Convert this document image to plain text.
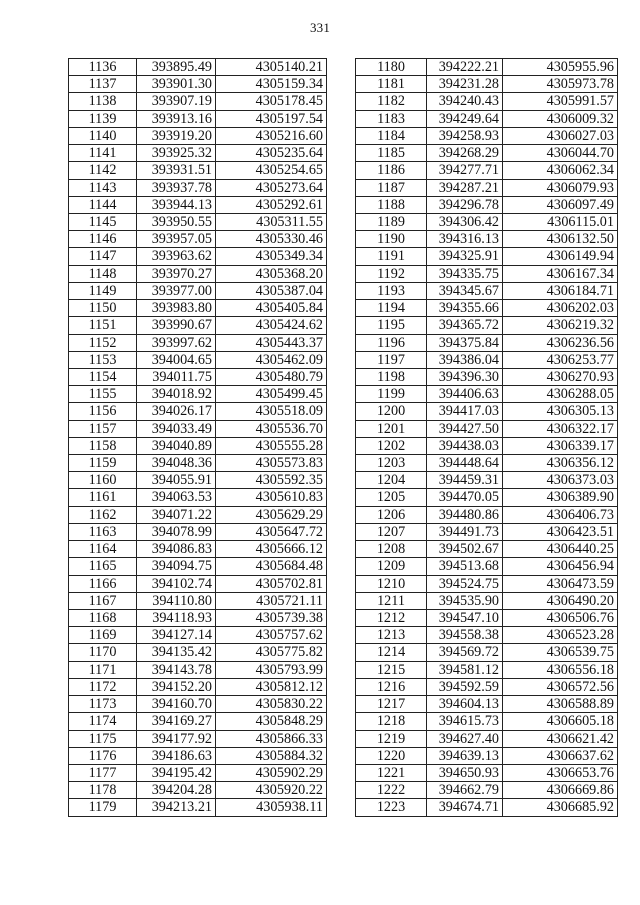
331
1136	393895.49	4305140.21
1137	393901.30	4305159.34
1138	393907.19	4305178.45
1139	393913.16	4305197.54
1140	393919.20	4305216.60
1141	393925.32	4305235.64
1142	393931.51	4305254.65
1143	393937.78	4305273.64
1144	393944.13	4305292.61
1145	393950.55	4305311.55
1146	393957.05	4305330.46
1147	393963.62	4305349.34
1148	393970.27	4305368.20
1149	393977.00	4305387.04
1150	393983.80	4305405.84
1151	393990.67	4305424.62
1152	393997.62	4305443.37
1153	394004.65	4305462.09
1154	394011.75	4305480.79
1155	394018.92	4305499.45
1156	394026.17	4305518.09
1157	394033.49	4305536.70
1158	394040.89	4305555.28
1159	394048.36	4305573.83
1160	394055.91	4305592.35
1161	394063.53	4305610.83
1162	394071.22	4305629.29
1163	394078.99	4305647.72
1164	394086.83	4305666.12
1165	394094.75	4305684.48
1166	394102.74	4305702.81
1167	394110.80	4305721.11
1168	394118.93	4305739.38
1169	394127.14	4305757.62
1170	394135.42	4305775.82
1171	394143.78	4305793.99
1172	394152.20	4305812.12
1173	394160.70	4305830.22
1174	394169.27	4305848.29
1175	394177.92	4305866.33
1176	394186.63	4305884.32
1177	394195.42	4305902.29
1178	394204.28	4305920.22
1179	394213.21	4305938.11
1180	394222.21	4305955.96
1181	394231.28	4305973.78
1182	394240.43	4305991.57
1183	394249.64	4306009.32
1184	394258.93	4306027.03
1185	394268.29	4306044.70
1186	394277.71	4306062.34
1187	394287.21	4306079.93
1188	394296.78	4306097.49
1189	394306.42	4306115.01
1190	394316.13	4306132.50
1191	394325.91	4306149.94
1192	394335.75	4306167.34
1193	394345.67	4306184.71
1194	394355.66	4306202.03
1195	394365.72	4306219.32
1196	394375.84	4306236.56
1197	394386.04	4306253.77
1198	394396.30	4306270.93
1199	394406.63	4306288.05
1200	394417.03	4306305.13
1201	394427.50	4306322.17
1202	394438.03	4306339.17
1203	394448.64	4306356.12
1204	394459.31	4306373.03
1205	394470.05	4306389.90
1206	394480.86	4306406.73
1207	394491.73	4306423.51
1208	394502.67	4306440.25
1209	394513.68	4306456.94
1210	394524.75	4306473.59
1211	394535.90	4306490.20
1212	394547.10	4306506.76
1213	394558.38	4306523.28
1214	394569.72	4306539.75
1215	394581.12	4306556.18
1216	394592.59	4306572.56
1217	394604.13	4306588.89
1218	394615.73	4306605.18
1219	394627.40	4306621.42
1220	394639.13	4306637.62
1221	394650.93	4306653.76
1222	394662.79	4306669.86
1223	394674.71	4306685.92
